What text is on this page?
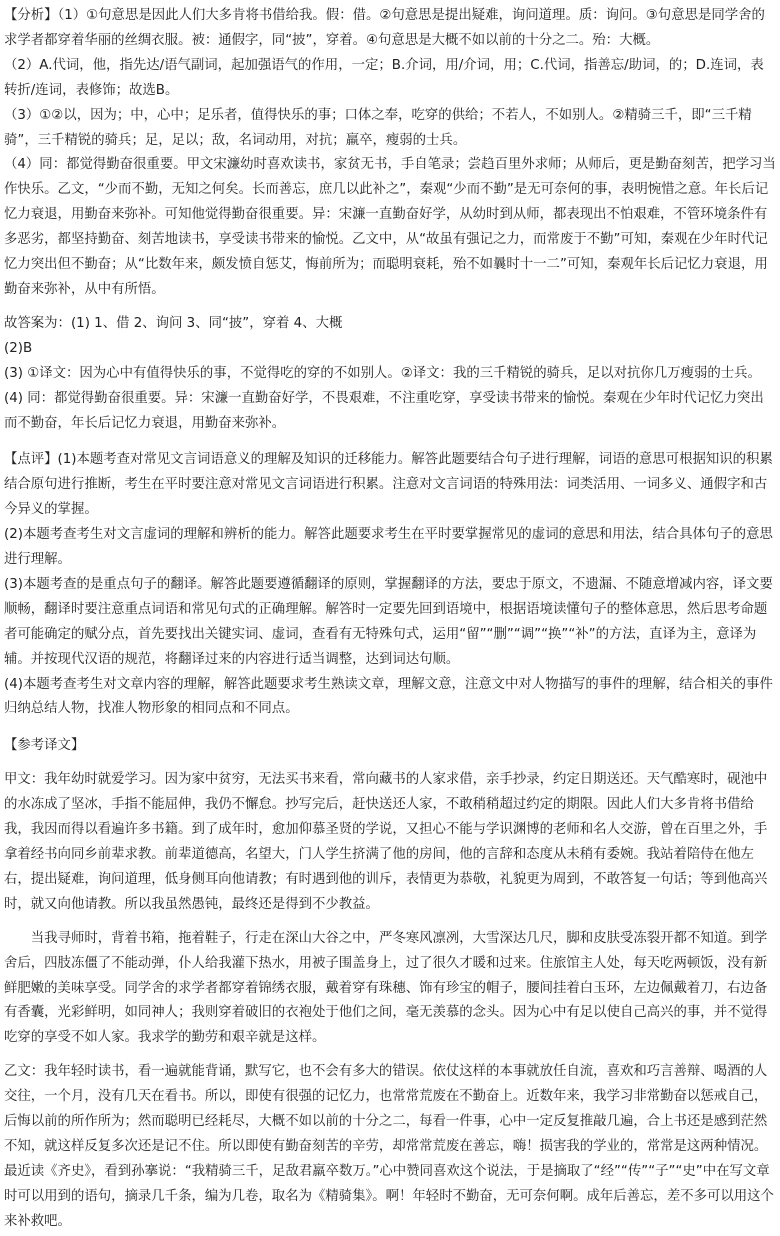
【分析】（1）①句意思是因此人们大多肯将书借给我。假：借。②句意思是提出疑难，询问道理。质：询问。③句意思是同学舍的求学者都穿着华丽的丝绸衣服。被：通假字，同“披”，穿着。④句意思是大概不如以前的十分之二。殆：大概。

（2）A.代词，他，指先达/语气副词，起加强语气的作用，一定；B.介词，用/介词，用；C.代词，指善忘/助词，的；D.连词，表转折/连词，表修饰；故选B。

（3）①②以，因为；中，心中；足乐者，值得快乐的事；口体之奉，吃穿的供给；不若人，不如别人。②精骑三千，即“三千精骑”，三千精锐的骑兵；足，足以；敌，名词动用，对抗；羸卒，瘦弱的士兵。

（4）同：都觉得勤奋很重要。甲文宋濂幼时喜欢读书，家贫无书，手自笔录；尝趋百里外求师；从师后，更是勤奋刻苦，把学习当作快乐。乙文，“少而不勤，无知之何矣。长而善忘，庶几以此补之”，秦观“少而不勤”是无可奈何的事，表明惋惜之意。年长后记忆力衰退，用勤奋来弥补。可知他觉得勤奋很重要。异：宋濂一直勤奋好学，从幼时到从师，都表现出不怕艰难，不管环境条件有多恶劣，都坚持勤奋、刻苦地读书，享受读书带来的愉悦。乙文中，从“故虽有强记之力，而常废于不勤”可知，秦观在少年时代记忆力突出但不勤奋；从“比数年来，颇发愤自惩艾，悔前所为；而聪明衰耗，殆不如曩时十一二”可知，秦观年长后记忆力衰退，用勤奋来弥补，从中有所悟。

故答案为：(1) 1、借 2、询问 3、同“披”，穿着 4、大概

(2)B

(3) ①译文：因为心中有值得快乐的事，不觉得吃的穿的不如别人。②译文：我的三千精锐的骑兵，足以对抗你几万瘦弱的士兵。

(4) 同：都觉得勤奋很重要。异：宋濂一直勤奋好学，不畏艰难，不注重吃穿，享受读书带来的愉悦。秦观在少年时代记忆力突出而不勤奋，年长后记忆力衰退，用勤奋来弥补。

【点评】(1)本题考查对常见文言词语意义的理解及知识的迁移能力。解答此题要结合句子进行理解，词语的意思可根据知识的积累结合原句进行推断，考生在平时要注意对常见文言词语进行积累。注意对文言词语的特殊用法：词类活用、一词多义、通假字和古今异义的掌握。

(2)本题考查考生对文言虚词的理解和辨析的能力。解答此题要求考生在平时要掌握常见的虚词的意思和用法，结合具体句子的意思进行理解。

(3)本题考查的是重点句子的翻译。解答此题要遵循翻译的原则，掌握翻译的方法，要忠于原文，不遗漏、不随意增减内容，译文要顺畅，翻译时要注意重点词语和常见句式的正确理解。解答时一定要先回到语境中，根据语境读懂句子的整体意思，然后思考命题者可能确定的赋分点，首先要找出关键实词、虚词，查看有无特殊句式，运用“留”“删”“调”“换”“补”的方法，直译为主，意译为辅。并按现代汉语的规范，将翻译过来的内容进行适当调整，达到词达句顺。

(4)本题考查考生对文章内容的理解，解答此题要求考生熟读文章，理解文意，注意文中对人物描写的事件的理解，结合相关的事件归纳总结人物，找准人物形象的相同点和不同点。

【参考译文】

甲文：我年幼时就爱学习。因为家中贫穷，无法买书来看，常向藏书的人家求借，亲手抄录，约定日期送还。天气酷寒时，砚池中的水冻成了坚冰，手指不能屈伸，我仍不懈怠。抄写完后，赶快送还人家，不敢稍稍超过约定的期限。因此人们大多肯将书借给我，我因而得以看遍许多书籍。到了成年时，愈加仰慕圣贤的学说，又担心不能与学识渊博的老师和名人交游，曾在百里之外，手拿着经书向同乡前辈求教。前辈道德高，名望大，门人学生挤满了他的房间，他的言辞和态度从未稍有委婉。我站着陪侍在他左右，提出疑难，询问道理，低身侧耳向他请教；有时遇到他的训斥，表情更为恭敬，礼貌更为周到，不敢答复一句话；等到他高兴时，就又向他请教。所以我虽然愚钝，最终还是得到不少教益。

当我寻师时，背着书箱，拖着鞋子，行走在深山大谷之中，严冬寒风凛冽，大雪深达几尺，脚和皮肤受冻裂开都不知道。到学舍后，四肢冻僵了不能动弹，仆人给我灌下热水，用被子围盖身上，过了很久才暖和过来。住旅馆主人处，每天吃两顿饭，没有新鲜肥嫩的美味享受。同学舍的求学者都穿着锦绣衣服，戴着穿有珠穗、饰有珍宝的帽子，腰间挂着白玉环，左边佩戴着刀，右边备有香囊，光彩鲜明，如同神人；我则穿着破旧的衣袍处于他们之间，毫无羡慕的念头。因为心中有足以使自己高兴的事，并不觉得吃穿的享受不如人家。我求学的勤劳和艰辛就是这样。

乙文：我年轻时读书，看一遍就能背诵，默写它，也不会有多大的错误。依仗这样的本事就放任自流，喜欢和巧言善辩、喝酒的人交往，一个月，没有几天在看书。所以，即使有很强的记忆力，也常常荒废在不勤奋上。近数年来，我学习非常勤奋以惩戒自己，后悔以前的所作所为；然而聪明已经耗尽，大概不如以前的十分之二，每看一件事，心中一定反复推敲几遍，合上书还是感到茫然不知，就这样反复多次还是记不住。所以即使有勤奋刻苦的辛劳，却常常荒废在善忘，嗨！损害我的学业的，常常是这两种情况。最近读《齐史》，看到孙搴说：“我精骑三千，足敌君羸卒数万。”心中赞同喜欢这个说法，于是摘取了“经”“传”“子”“史”中在写文章时可以用到的语句，摘录几千条，编为几卷，取名为《精骑集》。啊！年轻时不勤奋，无可奈何啊。成年后善忘，差不多可以用这个来补救吧。
